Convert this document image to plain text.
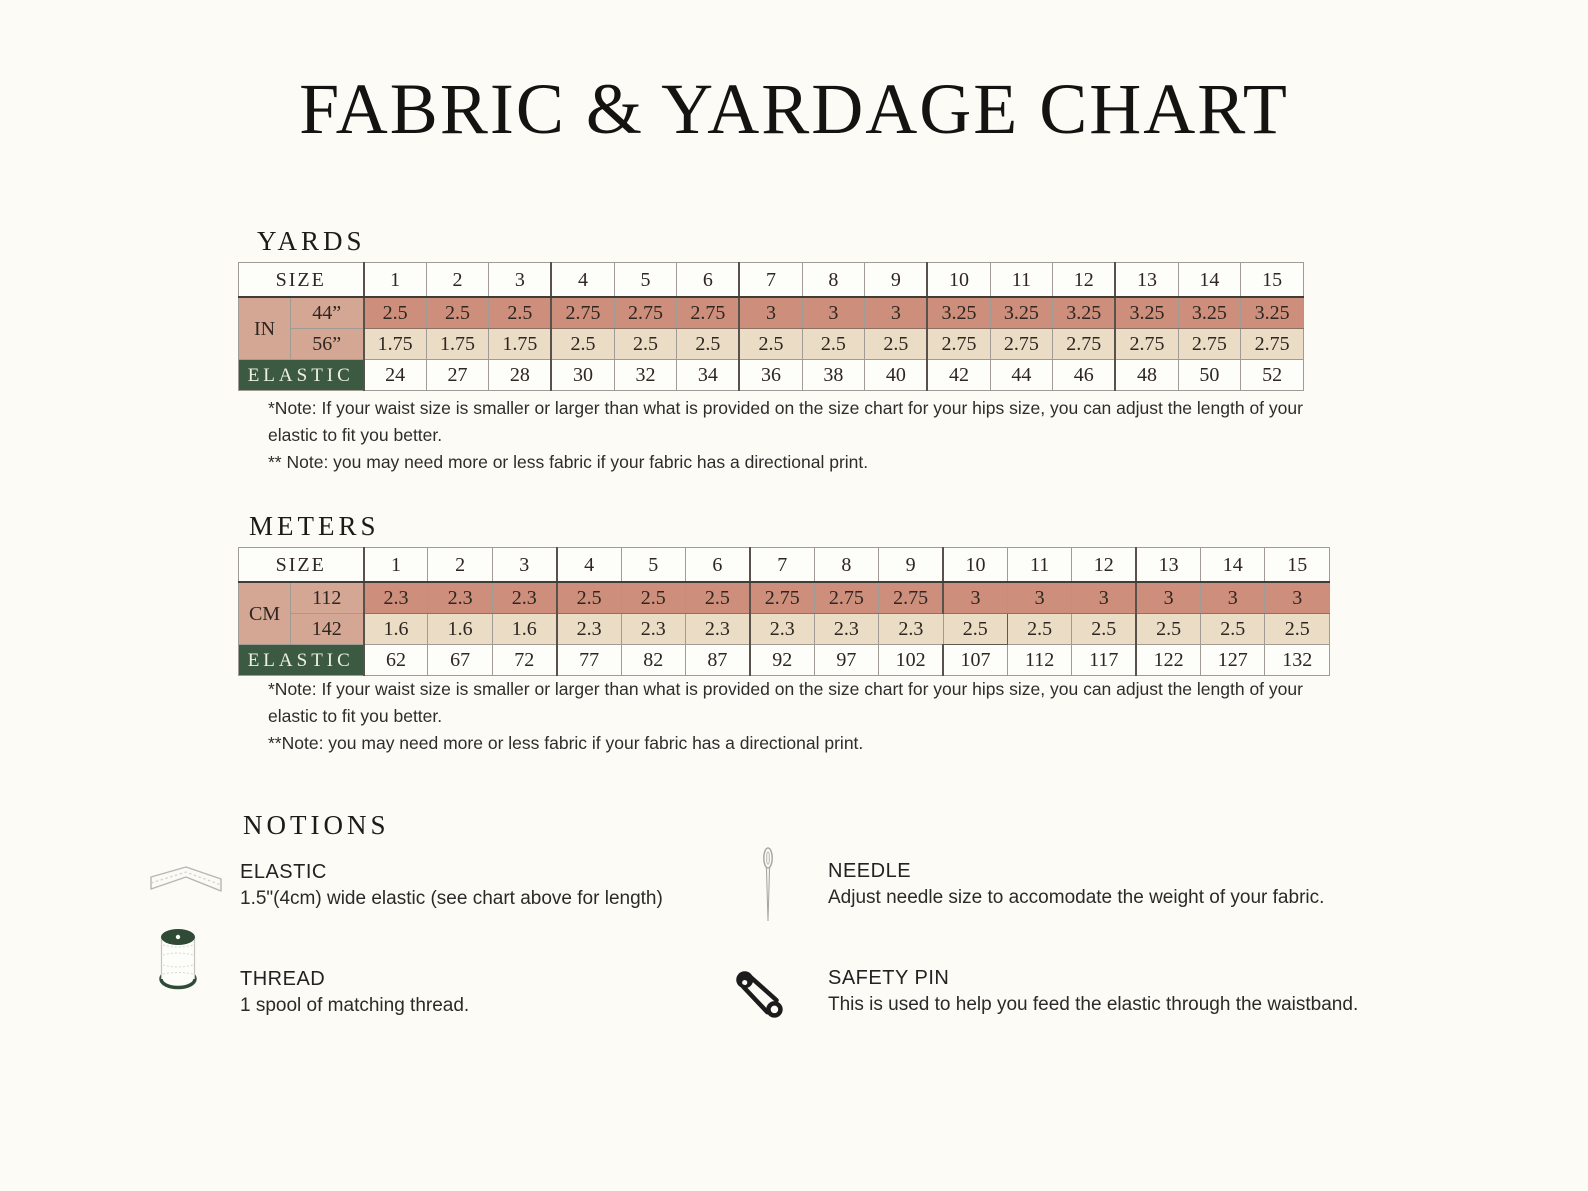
FABRIC & YARDAGE CHART
YARDS
SIZE		1	2	3	4	5	6	7	8	9	10	11	12	13	14	15
IN	44”	2.5	2.5	2.5	2.75	2.75	2.75	3	3	3	3.25	3.25	3.25	3.25	3.25	3.25
	56”	1.75	1.75	1.75	2.5	2.5	2.5	2.5	2.5	2.5	2.75	2.75	2.75	2.75	2.75	2.75
ELASTIC		24	27	28	30	32	34	36	38	40	42	44	46	48	50	52

*Note: If your waist size is smaller or larger than what is provided on the size chart for your hips size, you can adjust the length of your elastic to fit you better.

** Note: you may need more or less fabric if your fabric has a directional print.

METERS
SIZE		1	2	3	4	5	6	7	8	9	10	11	12	13	14	15
CM	112	2.3	2.3	2.3	2.5	2.5	2.5	2.75	2.75	2.75	3	3	3	3	3	3
	142	1.6	1.6	1.6	2.3	2.3	2.3	2.3	2.3	2.3	2.5	2.5	2.5	2.5	2.5	2.5
ELASTIC		62	67	72	77	82	87	92	97	102	107	112	117	122	127	132

*Note: If your waist size is smaller or larger than what is provided on the size chart for your hips size, you can adjust the length of your elastic to fit you better.

**Note: you may need more or less fabric if your fabric has a directional print.

NOTIONS
ELASTIC
1.5"(4cm) wide elastic (see chart above for length)
NEEDLE
Adjust needle size to accomodate the weight of your fabric.
THREAD
1 spool of matching thread.
SAFETY PIN
This is used to help you feed the elastic through the waistband.
